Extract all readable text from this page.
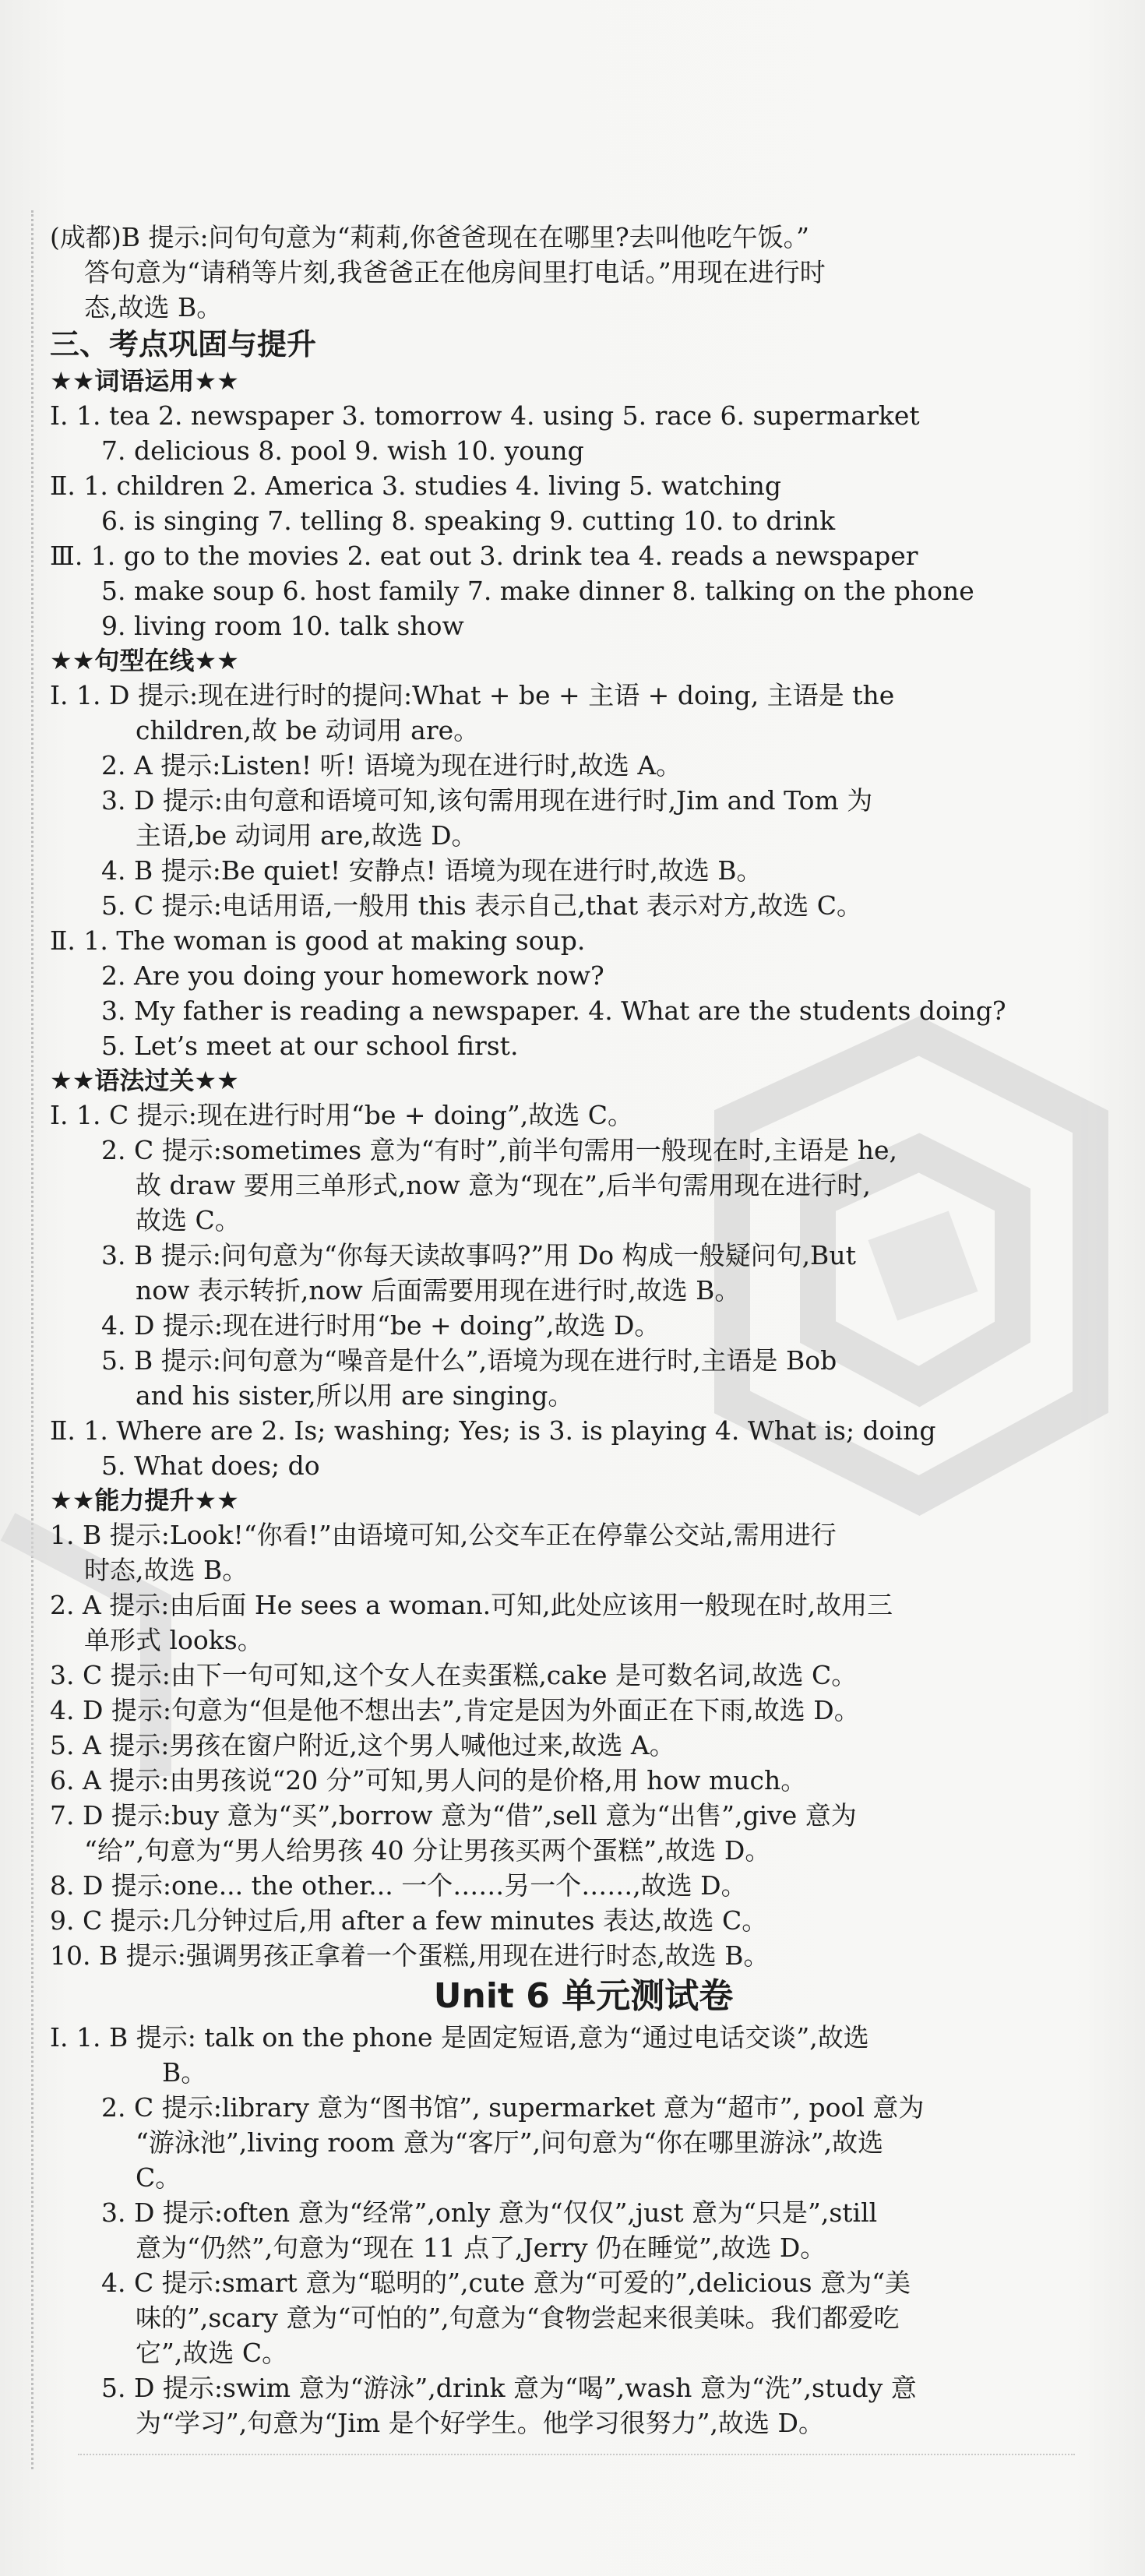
(成都)B 提示:问句句意为“莉莉,你爸爸现在在哪里?去叫他吃午饭。”
答句意为“请稍等片刻,我爸爸正在他房间里打电话。”用现在进行时
态,故选 B。
三、考点巩固与提升
★★词语运用★★
Ⅰ. 1. tea 2. newspaper 3. tomorrow 4. using 5. race 6. supermarket
7. delicious 8. pool 9. wish 10. young
Ⅱ. 1. children 2. America 3. studies 4. living 5. watching
6. is singing 7. telling 8. speaking 9. cutting 10. to drink
Ⅲ. 1. go to the movies 2. eat out 3. drink tea 4. reads a newspaper
5. make soup 6. host family 7. make dinner 8. talking on the phone
9. living room 10. talk show
★★句型在线★★
Ⅰ. 1. D 提示:现在进行时的提问:What + be + 主语 + doing, 主语是 the
children,故 be 动词用 are。
2. A 提示:Listen! 听! 语境为现在进行时,故选 A。
3. D 提示:由句意和语境可知,该句需用现在进行时,Jim and Tom 为
主语,be 动词用 are,故选 D。
4. B 提示:Be quiet! 安静点! 语境为现在进行时,故选 B。
5. C 提示:电话用语,一般用 this 表示自己,that 表示对方,故选 C。
Ⅱ. 1. The woman is good at making soup.
2. Are you doing your homework now?
3. My father is reading a newspaper. 4. What are the students doing?
5. Let’s meet at our school first.
★★语法过关★★
Ⅰ. 1. C 提示:现在进行时用“be + doing”,故选 C。
2. C 提示:sometimes 意为“有时”,前半句需用一般现在时,主语是 he,
故 draw 要用三单形式,now 意为“现在”,后半句需用现在进行时,
故选 C。
3. B 提示:问句意为“你每天读故事吗?”用 Do 构成一般疑问句,But
now 表示转折,now 后面需要用现在进行时,故选 B。
4. D 提示:现在进行时用“be + doing”,故选 D。
5. B 提示:问句意为“噪音是什么”,语境为现在进行时,主语是 Bob
and his sister,所以用 are singing。
Ⅱ. 1. Where are 2. Is; washing; Yes; is 3. is playing 4. What is; doing
5. What does; do
★★能力提升★★
1. B 提示:Look!“你看!”由语境可知,公交车正在停靠公交站,需用进行
时态,故选 B。
2. A 提示:由后面 He sees a woman.可知,此处应该用一般现在时,故用三
单形式 looks。
3. C 提示:由下一句可知,这个女人在卖蛋糕,cake 是可数名词,故选 C。
4. D 提示:句意为“但是他不想出去”,肯定是因为外面正在下雨,故选 D。
5. A 提示:男孩在窗户附近,这个男人喊他过来,故选 A。
6. A 提示:由男孩说“20 分”可知,男人问的是价格,用 how much。
7. D 提示:buy 意为“买”,borrow 意为“借”,sell 意为“出售”,give 意为
“给”,句意为“男人给男孩 40 分让男孩买两个蛋糕”,故选 D。
8. D 提示:one... the other... 一个……另一个……,故选 D。
9. C 提示:几分钟过后,用 after a few minutes 表达,故选 C。
10. B 提示:强调男孩正拿着一个蛋糕,用现在进行时态,故选 B。
Unit 6 单元测试卷
Ⅰ. 1. B 提示: talk on the phone 是固定短语,意为“通过电话交谈”,故选
B。
2. C 提示:library 意为“图书馆”, supermarket 意为“超市”, pool 意为
“游泳池”,living room 意为“客厅”,问句意为“你在哪里游泳”,故选
C。
3. D 提示:often 意为“经常”,only 意为“仅仅”,just 意为“只是”,still
意为“仍然”,句意为“现在 11 点了,Jerry 仍在睡觉”,故选 D。
4. C 提示:smart 意为“聪明的”,cute 意为“可爱的”,delicious 意为“美
味的”,scary 意为“可怕的”,句意为“食物尝起来很美味。我们都爱吃
它”,故选 C。
5. D 提示:swim 意为“游泳”,drink 意为“喝”,wash 意为“洗”,study 意
为“学习”,句意为“Jim 是个好学生。他学习很努力”,故选 D。
